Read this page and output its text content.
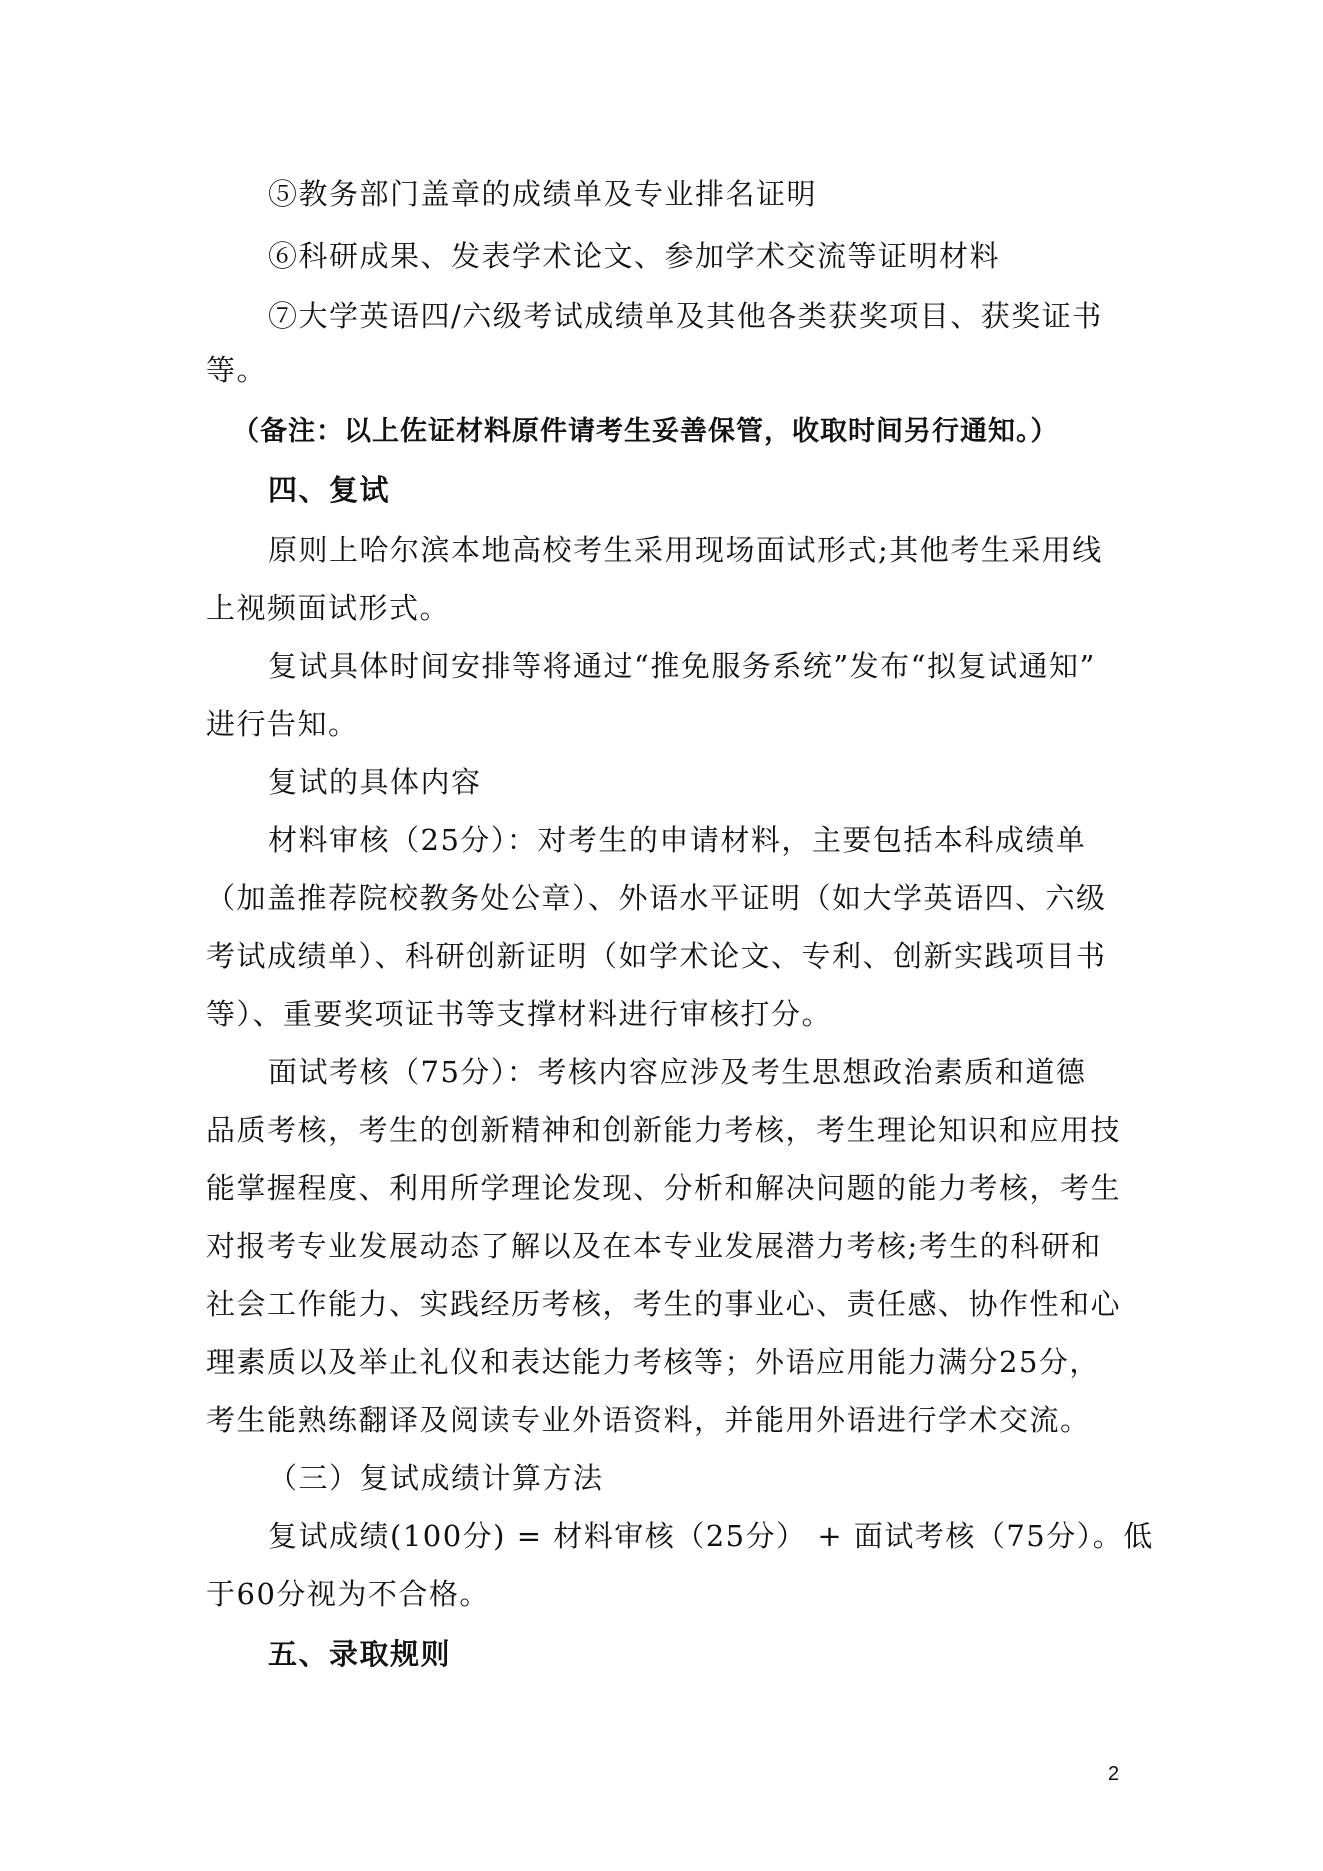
⑤教务部门盖章的成绩单及专业排名证明
⑥科研成果、发表学术论文、参加学术交流等证明材料
⑦大学英语四/六级考试成绩单及其他各类获奖项目、获奖证书
等。
（备注：以上佐证材料原件请考生妥善保管，收取时间另行通知。）
四、复试
原则上哈尔滨本地高校考生采用现场面试形式;其他考生采用线
上视频面试形式。
复试具体时间安排等将通过“推免服务系统”发布“拟复试通知”
进行告知。
复试的具体内容
材料审核（25分）：对考生的申请材料，主要包括本科成绩单
（加盖推荐院校教务处公章）、外语水平证明（如大学英语四、六级
考试成绩单）、科研创新证明（如学术论文、专利、创新实践项目书
等）、重要奖项证书等支撑材料进行审核打分。
面试考核（75分）：考核内容应涉及考生思想政治素质和道德
品质考核，考生的创新精神和创新能力考核，考生理论知识和应用技
能掌握程度、利用所学理论发现、分析和解决问题的能力考核，考生
对报考专业发展动态了解以及在本专业发展潜力考核;考生的科研和
社会工作能力、实践经历考核，考生的事业心、责任感、协作性和心
理素质以及举止礼仪和表达能力考核等；外语应用能力满分25分，
考生能熟练翻译及阅读专业外语资料，并能用外语进行学术交流。
（三）复试成绩计算方法
复试成绩(100分) = 材料审核（25分） + 面试考核（75分）。低
于60分视为不合格。
五、录取规则
2
